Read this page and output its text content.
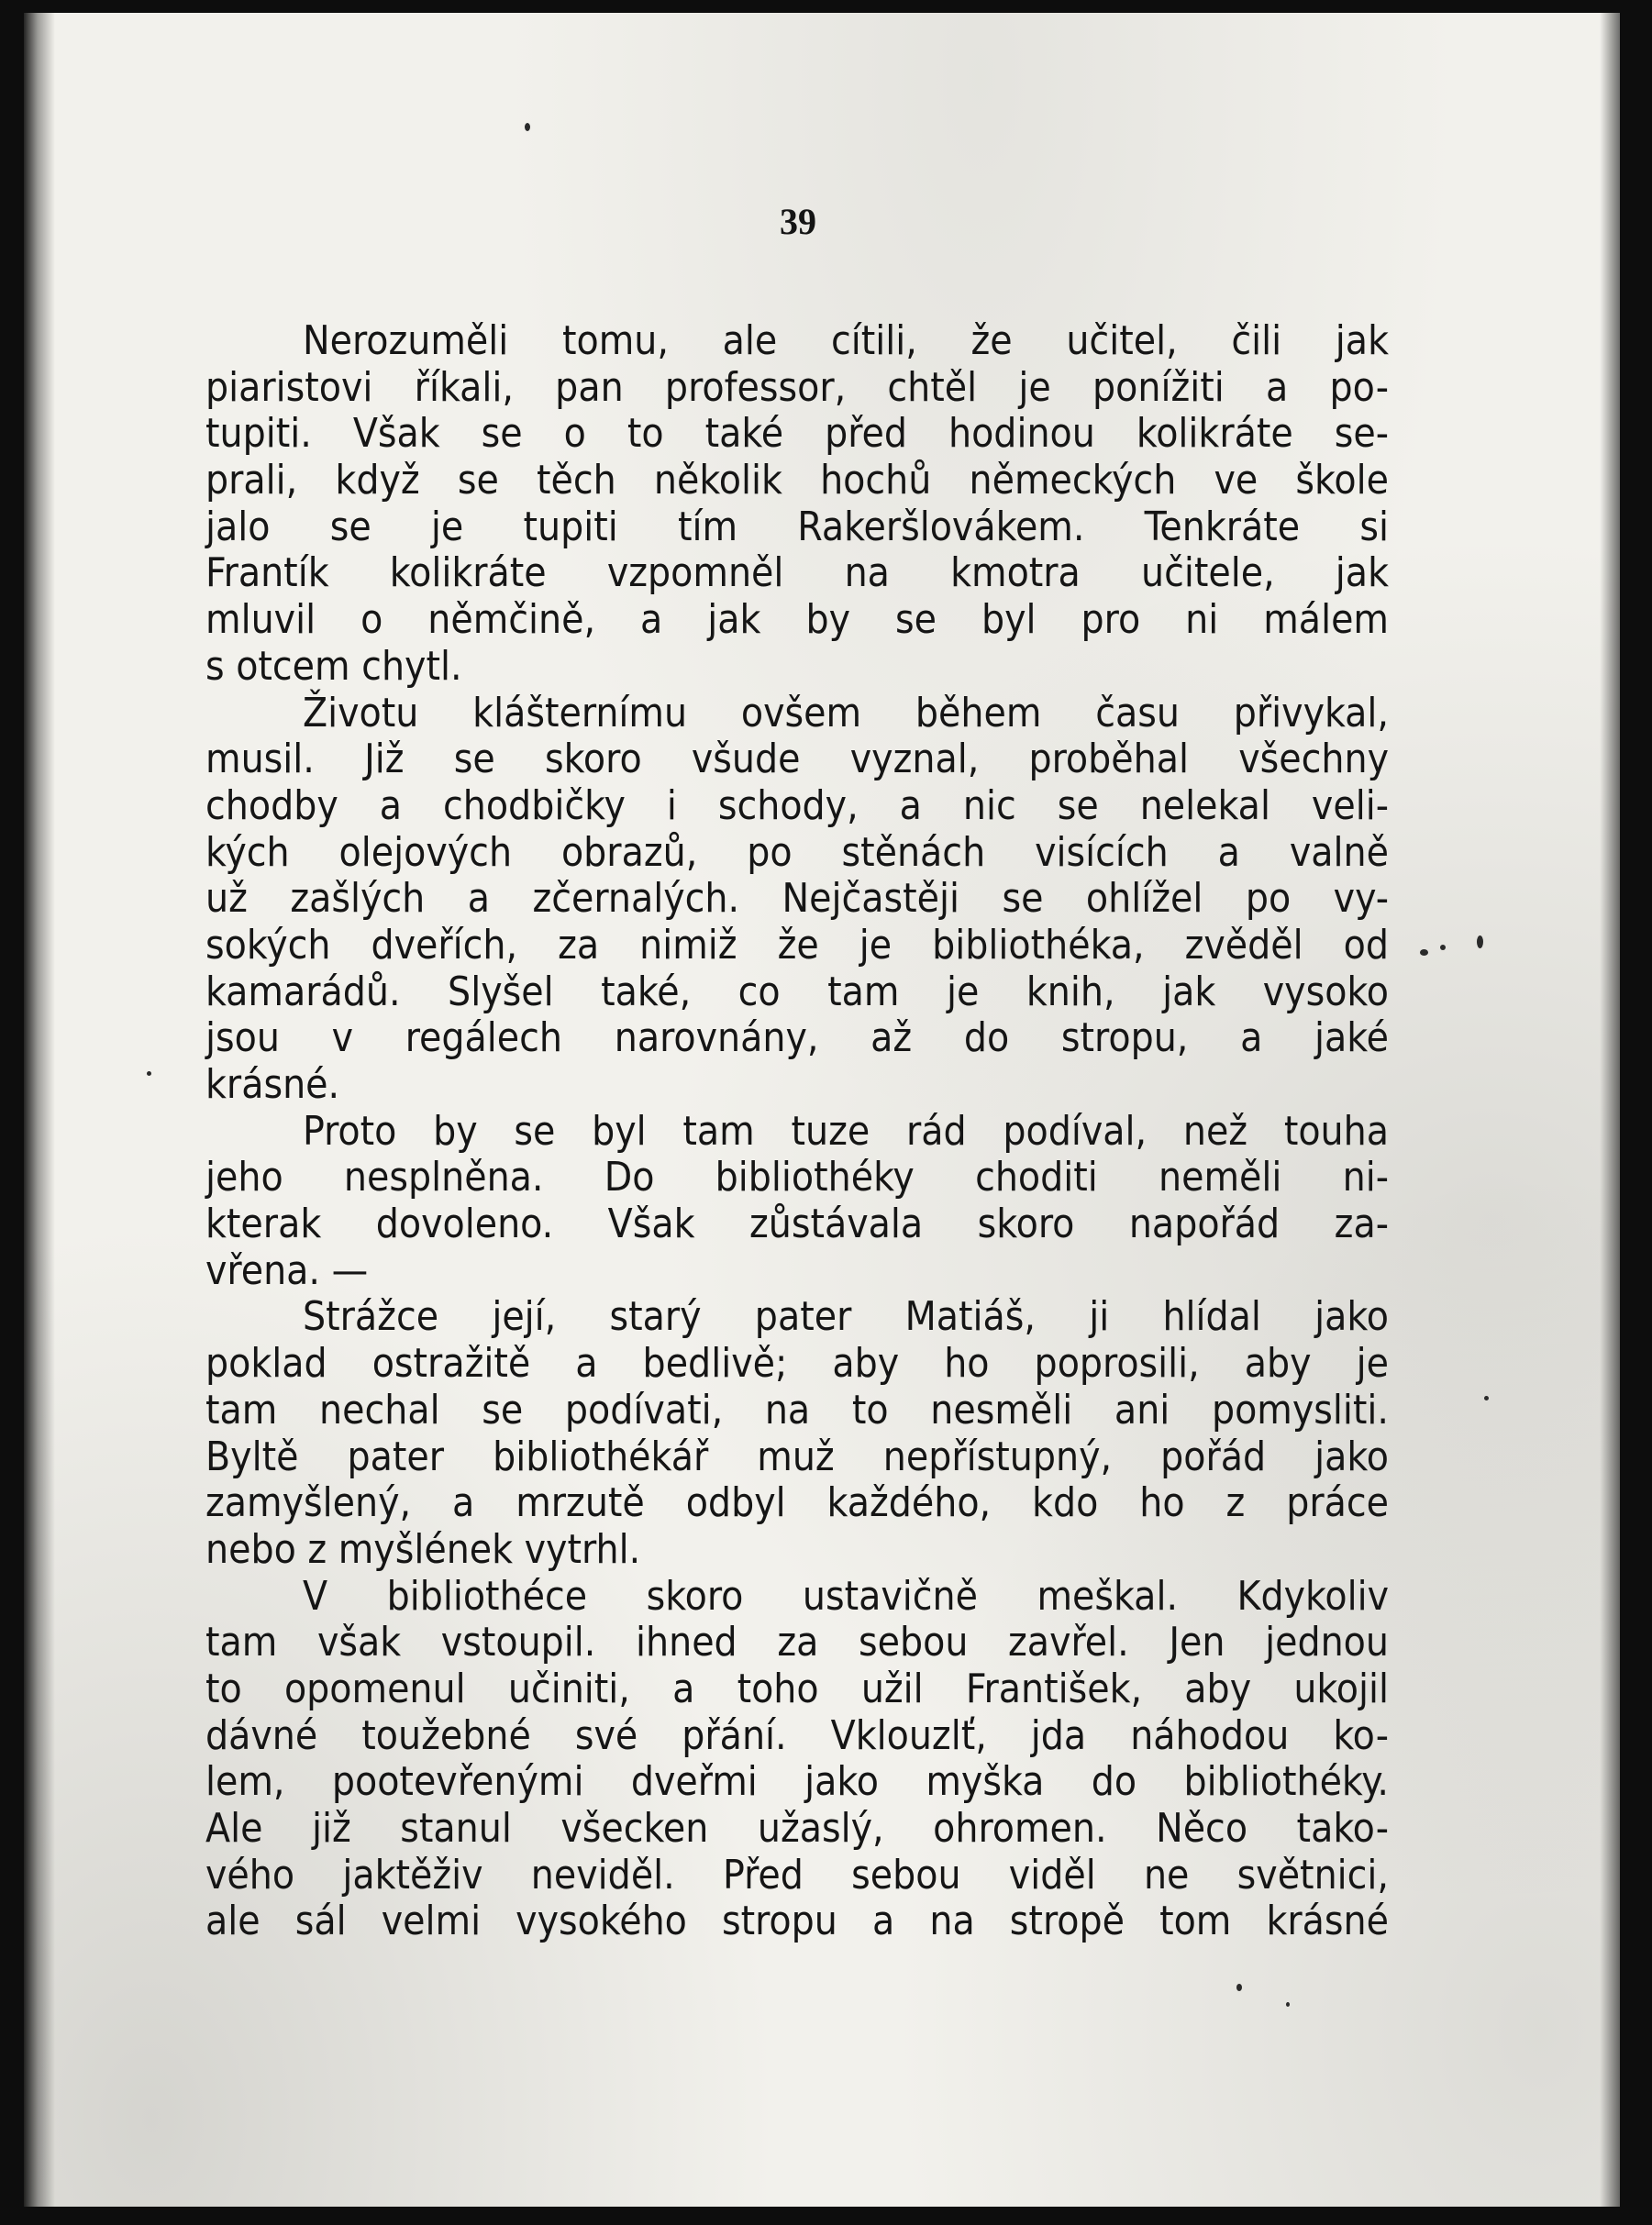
39
Nerozuměli tomu, ale cítili, že učitel, čili jak
piaristovi říkali, pan professor, chtěl je ponížiti a po-
tupiti. Však se o to také před hodinou kolikráte se-
prali, když se těch několik hochů německých ve škole
jalo se je tupiti tím Rakeršlovákem. Tenkráte si
Frantík kolikráte vzpomněl na kmotra učitele, jak
mluvil o němčině, a jak by se byl pro ni málem
s otcem chytl.
Životu klášternímu ovšem během času přivykal,
musil. Již se skoro všude vyznal, proběhal všechny
chodby a chodbičky i schody, a nic se nelekal veli-
kých olejových obrazů, po stěnách visících a valně
už zašlých a zčernalých. Nejčastěji se ohlížel po vy-
sokých dveřích, za nimiž že je bibliothéka, zvěděl od
kamarádů. Slyšel také, co tam je knih, jak vysoko
jsou v regálech narovnány, až do stropu, a jaké
krásné.
Proto by se byl tam tuze rád podíval, než touha
jeho nesplněna. Do bibliothéky choditi neměli ni-
kterak dovoleno. Však zůstávala skoro napořád za-
vřena. —
Strážce její, starý pater Matiáš, ji hlídal jako
poklad ostražitě a bedlivě; aby ho poprosili, aby je
tam nechal se podívati, na to nesměli ani pomysliti.
Byltě pater bibliothékář muž nepřístupný, pořád jako
zamyšlený, a mrzutě odbyl každého, kdo ho z práce
nebo z myšlének vytrhl.
V bibliothéce skoro ustavičně meškal. Kdykoliv
tam však vstoupil. ihned za sebou zavřel. Jen jednou
to opomenul učiniti, a toho užil František, aby ukojil
dávné toužebné své přání. Vklouzlť, jda náhodou ko-
lem, pootevřenými dveřmi jako myška do bibliothéky.
Ale již stanul všecken užaslý, ohromen. Něco tako-
vého jaktěživ neviděl. Před sebou viděl ne světnici,
ale sál velmi vysokého stropu a na stropě tom krásné
